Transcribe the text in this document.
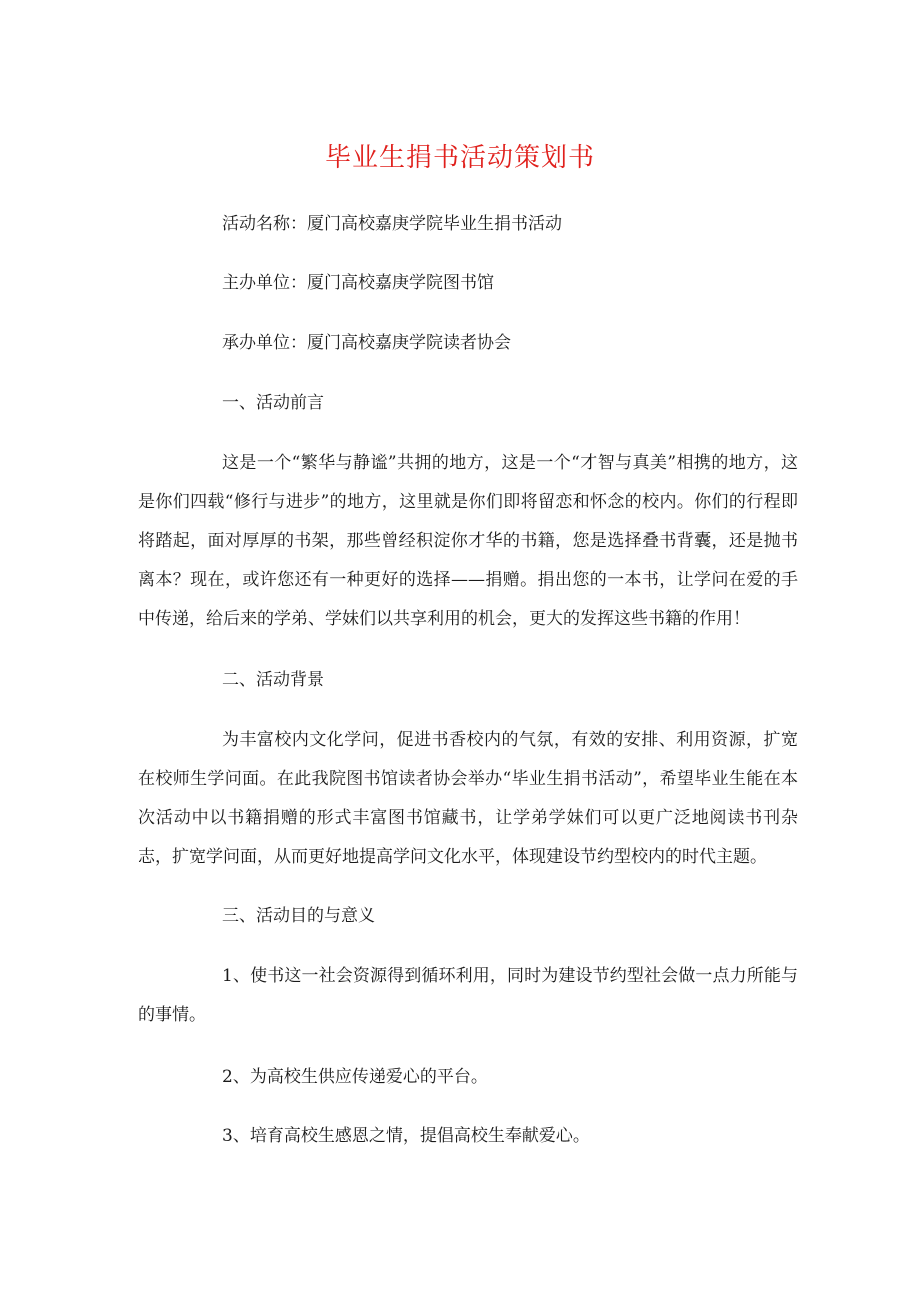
毕业生捐书活动策划书
活动名称：厦门高校嘉庚学院毕业生捐书活动
主办单位：厦门高校嘉庚学院图书馆
承办单位：厦门高校嘉庚学院读者协会
一、活动前言
这是一个“繁华与静谧”共拥的地方，这是一个“才智与真美”相携的地方，这是你们四载“修行与进步”的地方，这里就是你们即将留恋和怀念的校内。你们的行程即将踏起，面对厚厚的书架，那些曾经积淀你才华的书籍，您是选择叠书背囊，还是抛书离本？现在，或许您还有一种更好的选择——捐赠。捐出您的一本书，让学问在爱的手中传递，给后来的学弟、学妹们以共享利用的机会，更大的发挥这些书籍的作用！
二、活动背景
为丰富校内文化学问，促进书香校内的气氛，有效的安排、利用资源，扩宽在校师生学问面。在此我院图书馆读者协会举办“毕业生捐书活动”，希望毕业生能在本次活动中以书籍捐赠的形式丰富图书馆藏书，让学弟学妹们可以更广泛地阅读书刊杂志，扩宽学问面，从而更好地提高学问文化水平，体现建设节约型校内的时代主题。
三、活动目的与意义
1、使书这一社会资源得到循环利用，同时为建设节约型社会做一点力所能与的事情。
2、为高校生供应传递爱心的平台。
3、培育高校生感恩之情，提倡高校生奉献爱心。
